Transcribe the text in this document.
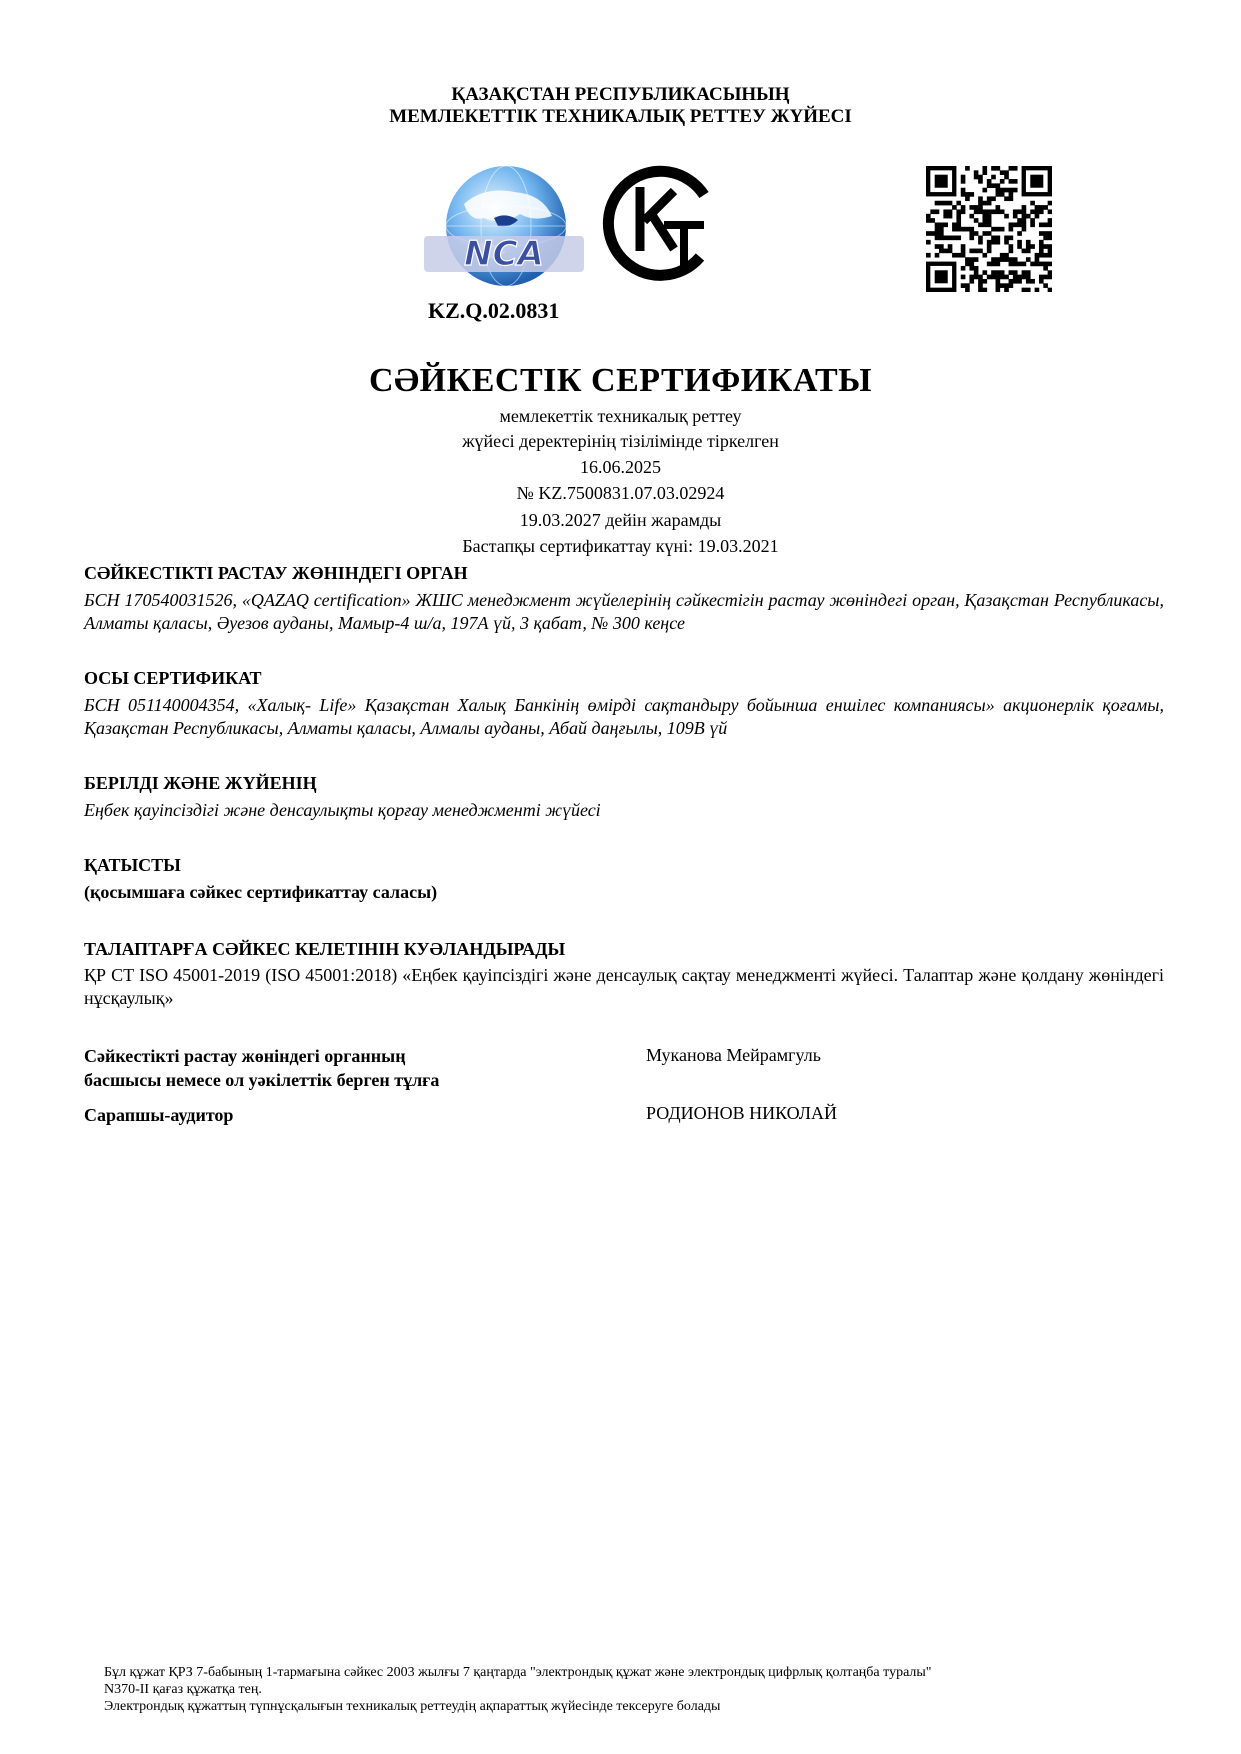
ҚАЗАҚСТАН РЕСПУБЛИКАСЫНЫҢ
МЕМЛЕКЕТТІК ТЕХНИКАЛЫҚ РЕТТЕУ ЖҮЙЕСІ
NCA
KZ.Q.02.0831
СӘЙКЕСТІК СЕРТИФИКАТЫ
мемлекеттік техникалық реттеу
жүйесі деректерінің тізілімінде тіркелген
16.06.2025
№ KZ.7500831.07.03.02924
19.03.2027 дейін жарамды
Бастапқы сертификаттау күні: 19.03.2021
СӘЙКЕСТІКТІ РАСТАУ ЖӨНІНДЕГІ ОРГАН
БСН 170540031526, «QAZAQ certification» ЖШС менеджмент жүйелерінің сәйкестігін растау жөніндегі орган, Қазақстан Республикасы, Алматы қаласы, Әуезов ауданы, Мамыр-4 ш/а, 197А үй, 3 қабат, № 300 кеңсе
ОСЫ СЕРТИФИКАТ
БСН 051140004354, «Халық- Life» Қазақстан Халық Банкінің өмірді сақтандыру бойынша еншілес компаниясы» акционерлік қоғамы, Қазақстан Республикасы, Алматы қаласы, Алмалы ауданы, Абай даңғылы, 109В үй
БЕРІЛДІ ЖӘНЕ ЖҮЙЕНІҢ
Еңбек қауіпсіздігі және денсаулықты қорғау менеджменті жүйесі
ҚАТЫСТЫ
(қосымшаға сәйкес сертификаттау саласы)
ТАЛАПТАРҒА СӘЙКЕС КЕЛЕТІНІН КУӘЛАНДЫРАДЫ
ҚР СТ ISO 45001-2019 (ISO 45001:2018) «Еңбек қауіпсіздігі және денсаулық сақтау менеджменті жүйесі. Талаптар және қолдану жөніндегі нұсқаулық»
Сәйкестікті растау жөніндегі органның
басшысы немесе ол уәкілеттік берген тұлға
Муканова Мейрамгуль
Сарапшы-аудитор	РОДИОНОВ НИКОЛАЙ
Бұл құжат ҚРЗ 7-бабының 1-тармағына сәйкес 2003 жылғы 7 қаңтарда "электрондық құжат және электрондық цифрлық қолтаңба туралы"
N370-II қағаз құжатқа тең.
Электрондық құжаттың түпнұсқалығын техникалық реттеудің ақпараттық жүйесінде тексеруге болады
